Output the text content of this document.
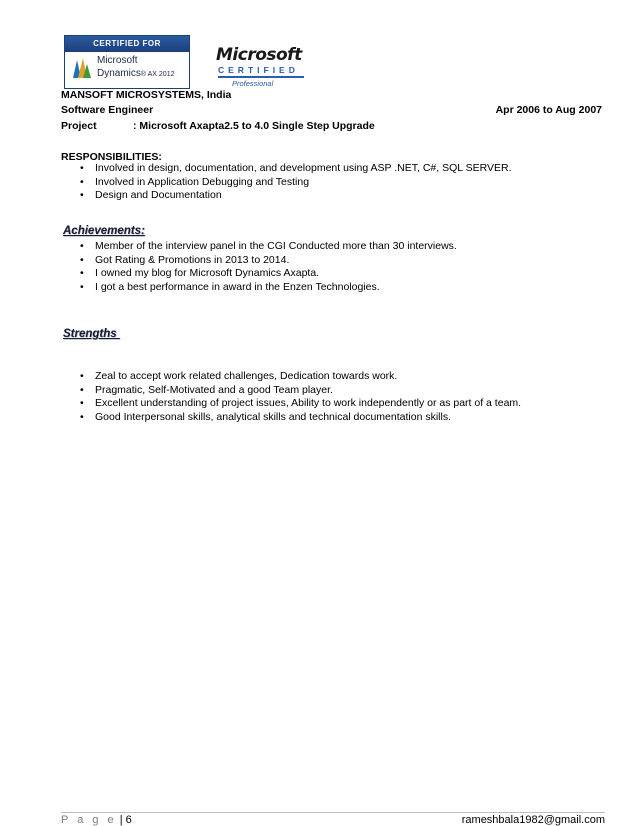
CERTIFIED FOR
Microsoft
Dynamics® AX 2012
Microsoft
CERTIFIED
Professional
MANSOFT MICROSYSTEMS, India
Software Engineer	Apr 2006 to Aug 2007
Project	: Microsoft Axapta2.5 to 4.0 Single Step Upgrade
RESPONSIBILITIES:
• Involved in design, documentation, and development using ASP .NET, C#, SQL SERVER.
• Involved in Application Debugging and Testing
• Design and Documentation
Achievements:
• Member of the interview panel in the CGI Conducted more than 30 interviews.
• Got Rating & Promotions in 2013 to 2014.
• I owned my blog for Microsoft Dynamics Axapta.
• I got a best performance in award in the Enzen Technologies.
Strengths
• Zeal to accept work related challenges, Dedication towards work.
• Pragmatic, Self-Motivated and a good Team player.
• Excellent understanding of project issues, Ability to work independently or as part of a team.
• Good Interpersonal skills, analytical skills and technical documentation skills.
P a g e | 6	rameshbala1982@gmail.com
